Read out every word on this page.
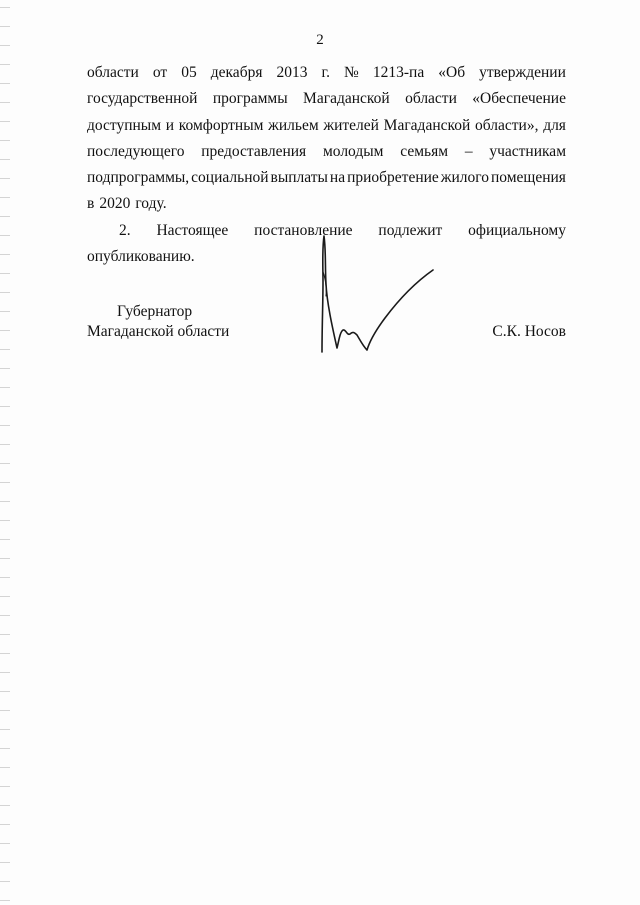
2
области от 05 декабря 2013 г. № 1213-па «Об утверждении
государственной программы Магаданской области «Обеспечение
доступным и комфортным жильем жителей Магаданской области», для
последующего предоставления молодым семьям – участникам
подпрограммы, социальной выплаты на приобретение жилого помещения
в 2020 году.
2. Настоящее постановление подлежит официальному
опубликованию.
Губернатор
Магаданской области	С.К. Носов
